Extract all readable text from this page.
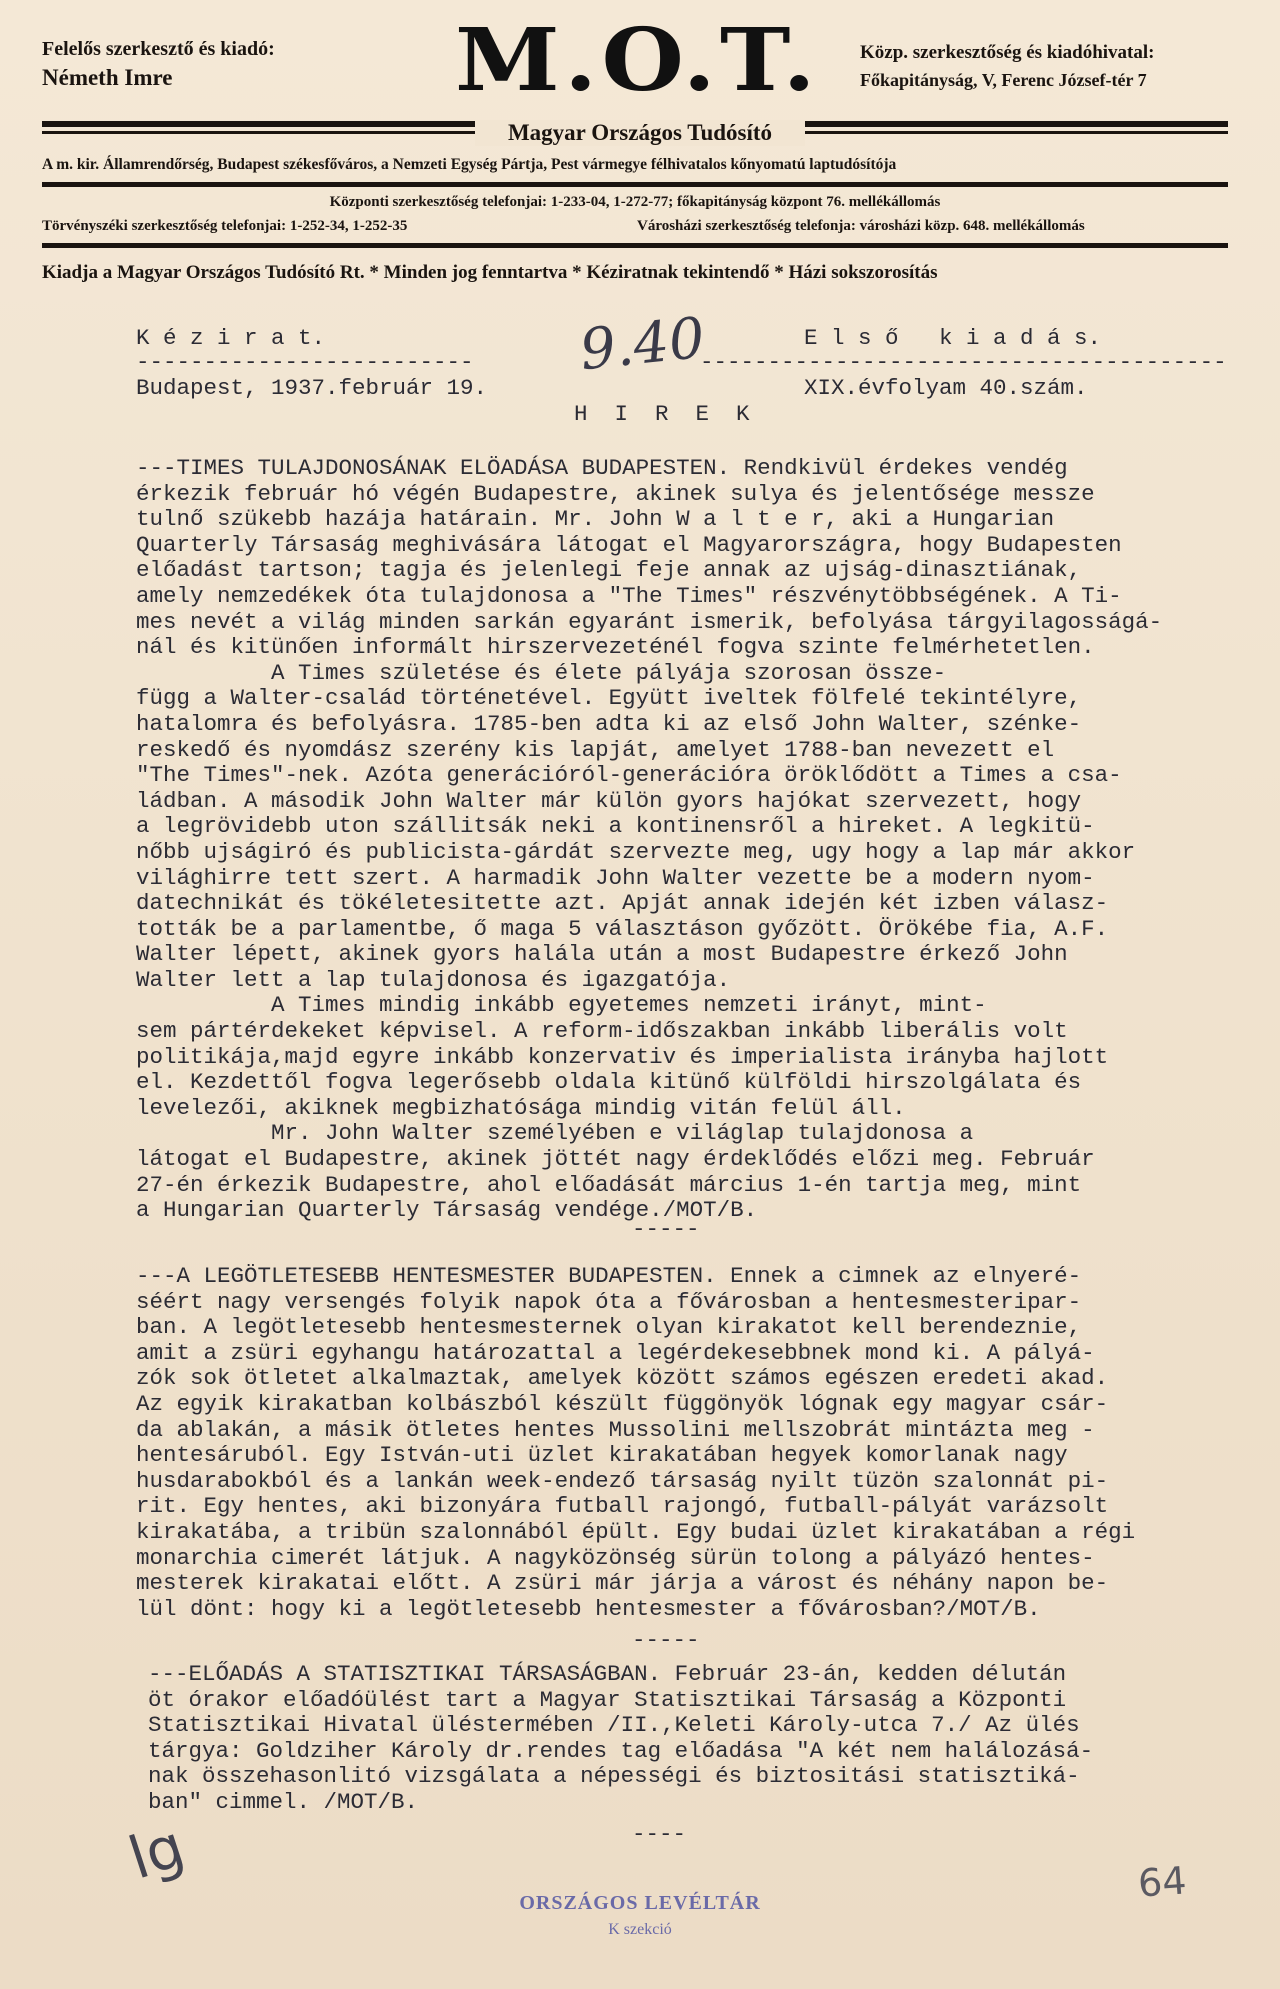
Felelős szerkesztő és kiadó:
Németh Imre	M.O.T.	Közp. szerkesztőség és kiadóhivatal:
Főkapitányság, V, Ferenc József-tér 7
Magyar Országos Tudósító
A m. kir. Államrendőrség, Budapest székesfőváros, a Nemzeti Egység Pártja, Pest vármegye félhivatalos kőnyomatú laptudósítója
Központi szerkesztőség telefonjai: 1-233-04, 1-272-77; főkapitányság központ 76. mellékállomás
Törvényszéki szerkesztőség telefonjai: 1-252-34, 1-252-35	Városházi szerkesztőség telefonja: városházi közp. 648. mellékállomás
Kiadja a Magyar Országos Tudósító Rt. * Minden jog fenntartva * Kéziratnak tekintendő * Házi sokszorosítás
K é z i r a t.
-------------------------
E l s ő   k i a d á s.
---------------------------------------
Budapest, 1937.február 19.	XIX.évfolyam 40.szám.
H  I  R  E  K
9.40
---TIMES TULAJDONOSÁNAK ELÖADÁSA BUDAPESTEN. Rendkivül érdekes vendég
érkezik február hó végén Budapestre, akinek sulya és jelentősége messze
tulnő szükebb hazája határain. Mr. John W a l t e r, aki a Hungarian
Quarterly Társaság meghivására látogat el Magyarországra, hogy Budapesten
előadást tartson; tagja és jelenlegi feje annak az ujság-dinasztiának,
amely nemzedékek óta tulajdonosa a "The Times" részvénytöbbségének. A Ti-
mes nevét a világ minden sarkán egyaránt ismerik, befolyása tárgyilagosságá-
nál és kitünően informált hirszervezeténél fogva szinte felmérhetetlen.
A Times születése és élete pályája szorosan össze-
függ a Walter-család történetével. Együtt iveltek fölfelé tekintélyre,
hatalomra és befolyásra. 1785-ben adta ki az első John Walter, szénke-
reskedő és nyomdász szerény kis lapját, amelyet 1788-ban nevezett el
"The Times"-nek. Azóta generációról-generációra öröklődött a Times a csa-
ládban. A második John Walter már külön gyors hajókat szervezett, hogy
a legrövidebb uton szállitsák neki a kontinensről a hireket. A legkitü-
nőbb ujságiró és publicista-gárdát szervezte meg, ugy hogy a lap már akkor
világhirre tett szert. A harmadik John Walter vezette be a modern nyom-
datechnikát és tökéletesitette azt. Apját annak idején két izben válasz-
tották be a parlamentbe, ő maga 5 választáson győzött. Örökébe fia, A.F.
Walter lépett, akinek gyors halála után a most Budapestre érkező John
Walter lett a lap tulajdonosa és igazgatója.
A Times mindig inkább egyetemes nemzeti irányt, mint-
sem pártérdekeket képvisel. A reform-időszakban inkább liberális volt
politikája,majd egyre inkább konzervativ és imperialista irányba hajlott
el. Kezdettől fogva legerősebb oldala kitünő külföldi hirszolgálata és
levelezői, akiknek megbizhatósága mindig vitán felül áll.
Mr. John Walter személyében e világlap tulajdonosa a
látogat el Budapestre, akinek jöttét nagy érdeklődés előzi meg. Február
27-én érkezik Budapestre, ahol előadását március 1-én tartja meg, mint
a Hungarian Quarterly Társaság vendége./MOT/B.
-----
---A LEGÖTLETESEBB HENTESMESTER BUDAPESTEN. Ennek a cimnek az elnyeré-
séért nagy versengés folyik napok óta a fővárosban a hentesmesteripar-
ban. A legötletesebb hentesmesternek olyan kirakatot kell berendeznie,
amit a zsüri egyhangu határozattal a legérdekesebbnek mond ki. A pályá-
zók sok ötletet alkalmaztak, amelyek között számos egészen eredeti akad.
Az egyik kirakatban kolbászból készült függönyök lógnak egy magyar csár-
da ablakán, a másik ötletes hentes Mussolini mellszobrát mintázta meg -
hentesáruból. Egy István-uti üzlet kirakatában hegyek komorlanak nagy
husdarabokból és a lankán week-endező társaság nyilt tüzön szalonnát pi-
rit. Egy hentes, aki bizonyára futball rajongó, futball-pályát varázsolt
kirakatába, a tribün szalonnából épült. Egy budai üzlet kirakatában a régi
monarchia cimerét látjuk. A nagyközönség sürün tolong a pályázó hentes-
mesterek kirakatai előtt. A zsüri már járja a várost és néhány napon be-
lül dönt: hogy ki a legötletesebb hentesmester a fővárosban?/MOT/B.
-----
---ELŐADÁS A STATISZTIKAI TÁRSASÁGBAN. Február 23-án, kedden délután
öt órakor előadóülést tart a Magyar Statisztikai Társaság a Központi
Statisztikai Hivatal üléstermében /II.,Keleti Károly-utca 7./ Az ülés
tárgya: Goldziher Károly dr.rendes tag előadása "A két nem halálozásá-
nak összehasonlitó vizsgálata a népességi és biztositási statisztiká-
ban" cimmel. /MOT/B.
----
lg	64
ORSZÁGOS LEVÉLTÁR
K szekció
